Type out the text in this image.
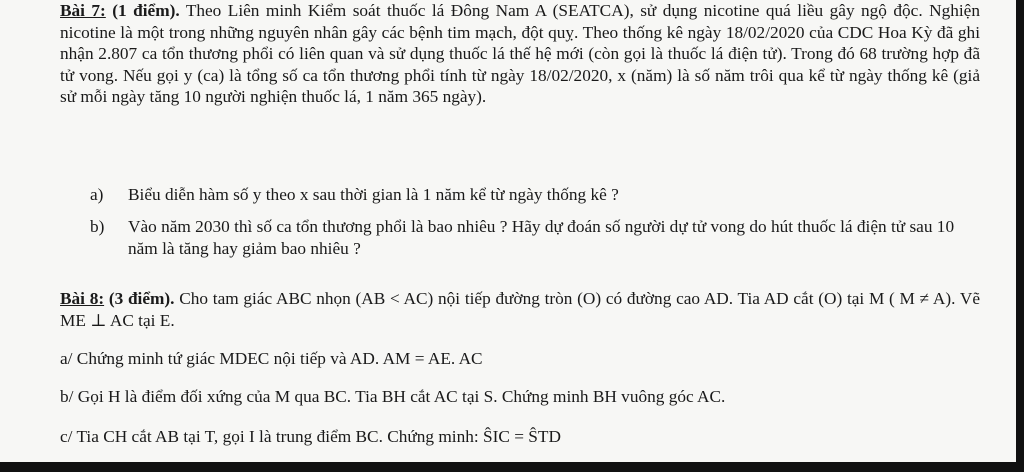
Bài 7: (1 điểm). Theo Liên minh Kiểm soát thuốc lá Đông Nam A (SEATCA), sử dụng nicotine quá liều gây ngộ độc. Nghiện nicotine là một trong những nguyên nhân gây các bệnh tim mạch, đột quỵ. Theo thống kê ngày 18/02/2020 của CDC Hoa Kỳ đã ghi nhận 2.807 ca tổn thương phổi có liên quan và sử dụng thuốc lá thế hệ mới (còn gọi là thuốc lá điện tử). Trong đó 68 trường hợp đã tử vong. Nếu gọi y (ca) là tổng số ca tổn thương phổi tính từ ngày 18/02/2020, x (năm) là số năm trôi qua kể từ ngày thống kê (giả sử mỗi ngày tăng 10 người nghiện thuốc lá, 1 năm 365 ngày).
a) Biểu diễn hàm số y theo x sau thời gian là 1 năm kể từ ngày thống kê ?
b) Vào năm 2030 thì số ca tổn thương phổi là bao nhiêu ? Hãy dự đoán số người dự tử vong do hút thuốc lá điện tử sau 10 năm là tăng hay giảm bao nhiêu ?
Bài 8: (3 điểm). Cho tam giác ABC nhọn (AB < AC) nội tiếp đường tròn (O) có đường cao AD. Tia AD cắt (O) tại M ( M ≠ A). Vẽ ME ⊥ AC tại E.
a/ Chứng minh tứ giác MDEC nội tiếp và AD. AM = AE. AC
b/ Gọi H là điểm đối xứng của M qua BC. Tia BH cắt AC tại S. Chứng minh BH vuông góc AC.
c/ Tia CH cắt AB tại T, gọi I là trung điểm BC. Chứng minh: ŜIC = ŜTD
